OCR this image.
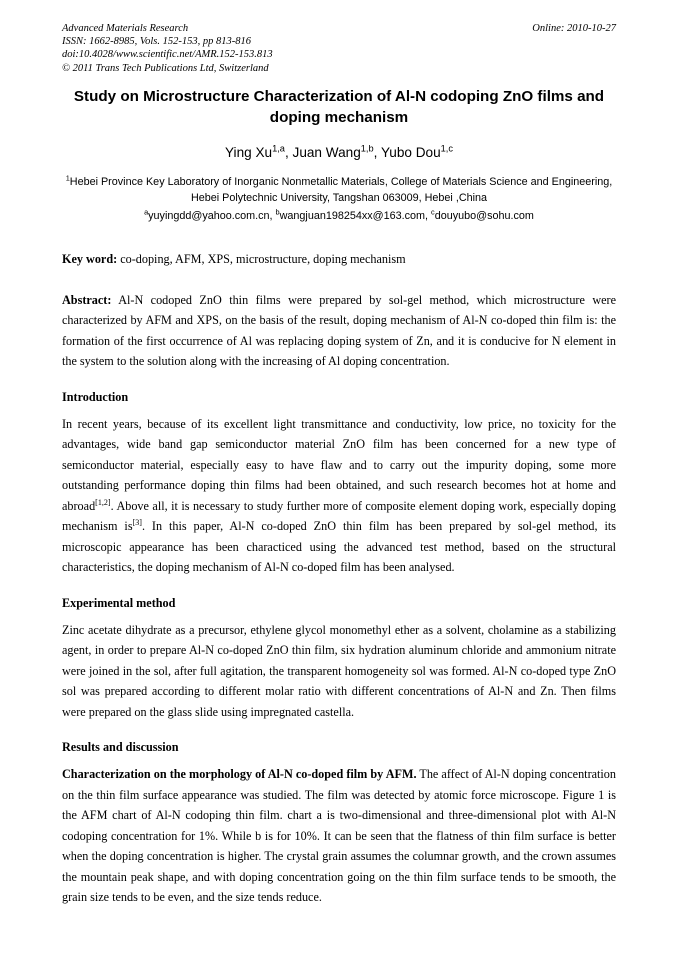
Advanced Materials Research
ISSN: 1662-8985, Vols. 152-153, pp 813-816
doi:10.4028/www.scientific.net/AMR.152-153.813
© 2011 Trans Tech Publications Ltd, Switzerland
Online: 2010-10-27
Study on Microstructure Characterization of Al-N codoping ZnO films and doping mechanism
Ying Xu$^{1,a}$, Juan Wang$^{1,b}$, Yubo Dou$^{1,c}$
$^1$Hebei Province Key Laboratory of Inorganic Nonmetallic Materials, College of Materials Science and Engineering, Hebei Polytechnic University, Tangshan 063009, Hebei ,China
$^a$yuyingdd@yahoo.com.cn, $^b$wangjuan198254xx@163.com, $^c$douyubo@sohu.com
Key word: co-doping, AFM, XPS, microstructure, doping mechanism
Abstract: Al-N codoped ZnO thin films were prepared by sol-gel method, which microstructure were characterized by AFM and XPS, on the basis of the result, doping mechanism of Al-N co-doped thin film is: the formation of the first occurrence of Al was replacing doping system of Zn, and it is conducive for N element in the system to the solution along with the increasing of Al doping concentration.
Introduction

In recent years, because of its excellent light transmittance and conductivity, low price, no toxicity for the advantages, wide band gap semiconductor material ZnO film has been concerned for a new type of semiconductor material, especially easy to have flaw and to carry out the impurity doping, some more outstanding performance doping thin films had been obtained, and such research becomes hot at home and abroad[1,2]. Above all, it is necessary to study further more of composite element doping work, especially doping mechanism is[3]. In this paper, Al-N co-doped ZnO thin film has been prepared by sol-gel method, its microscopic appearance has been characticed using the advanced test method, based on the structural characteristics, the doping mechanism of Al-N co-doped film has been analysed.

Experimental method

Zinc acetate dihydrate as a precursor, ethylene glycol monomethyl ether as a solvent, cholamine as a stabilizing agent, in order to prepare Al-N co-doped ZnO thin film, six hydration aluminum chloride and ammonium nitrate were joined in the sol, after full agitation, the transparent homogeneity sol was formed. Al-N co-doped type ZnO sol was prepared according to different molar ratio with different concentrations of Al-N and Zn. Then films were prepared on the glass slide using impregnated castella.

Results and discussion

Characterization on the morphology of Al-N co-doped film by AFM. The affect of Al-N doping concentration on the thin film surface appearance was studied. The film was detected by atomic force microscope. Figure 1 is the AFM chart of Al-N codoping thin film. chart a is two-dimensional and three-dimensional plot with Al-N codoping concentration for 1%. While b is for 10%. It can be seen that the flatness of thin film surface is better when the doping concentration is higher. The crystal grain assumes the columnar growth, and the crown assumes the mountain peak shape, and with doping concentration going on the thin film surface tends to be smooth, the grain size tends to be even, and the size tends reduce.
